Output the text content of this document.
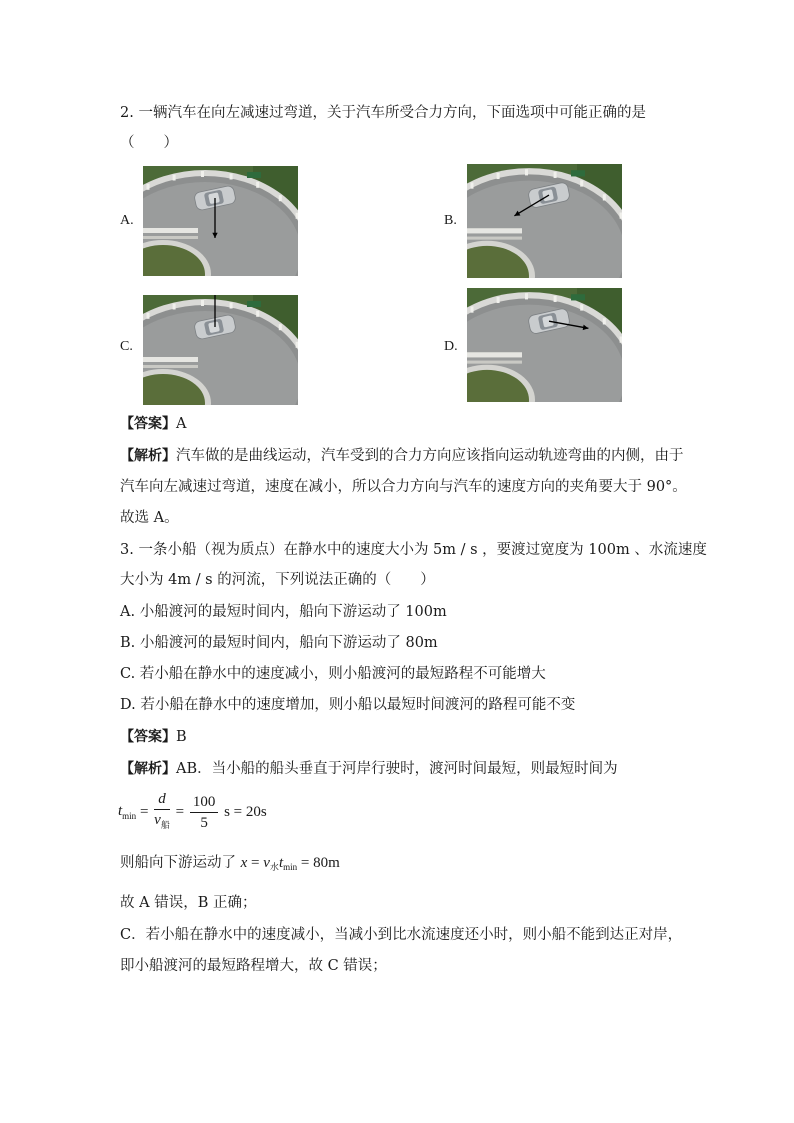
2. 一辆汽车在向左减速过弯道，关于汽车所受合力方向，下面选项中可能正确的是
（　　）
A.	B.
C.	D.
【答案】A
【解析】汽车做的是曲线运动，汽车受到的合力方向应该指向运动轨迹弯曲的内侧，由于
汽车向左减速过弯道，速度在减小，所以合力方向与汽车的速度方向的夹角要大于 90°。
故选 A。
3. 一条小船（视为质点）在静水中的速度大小为 5m / s ，要渡过宽度为 100m 、水流速度
大小为 4m / s 的河流，下列说法正确的（　　）
A. 小船渡河的最短时间内，船向下游运动了 100m
B. 小船渡河的最短时间内，船向下游运动了 80m
C. 若小船在静水中的速度减小，则小船渡河的最短路程不可能增大
D. 若小船在静水中的速度增加，则小船以最短时间渡河的路程可能不变
【答案】B
【解析】AB．当小船的船头垂直于河岸行驶时，渡河时间最短，则最短时间为
$t_{min} = \frac{d}{v_船} = \frac{100}{5}$ s = 20s
则船向下游运动了 $x = v_水t_{min} = 80m$
故 A 错误，B 正确；
C．若小船在静水中的速度减小，当减小到比水流速度还小时，则小船不能到达正对岸，
即小船渡河的最短路程增大，故 C 错误；
